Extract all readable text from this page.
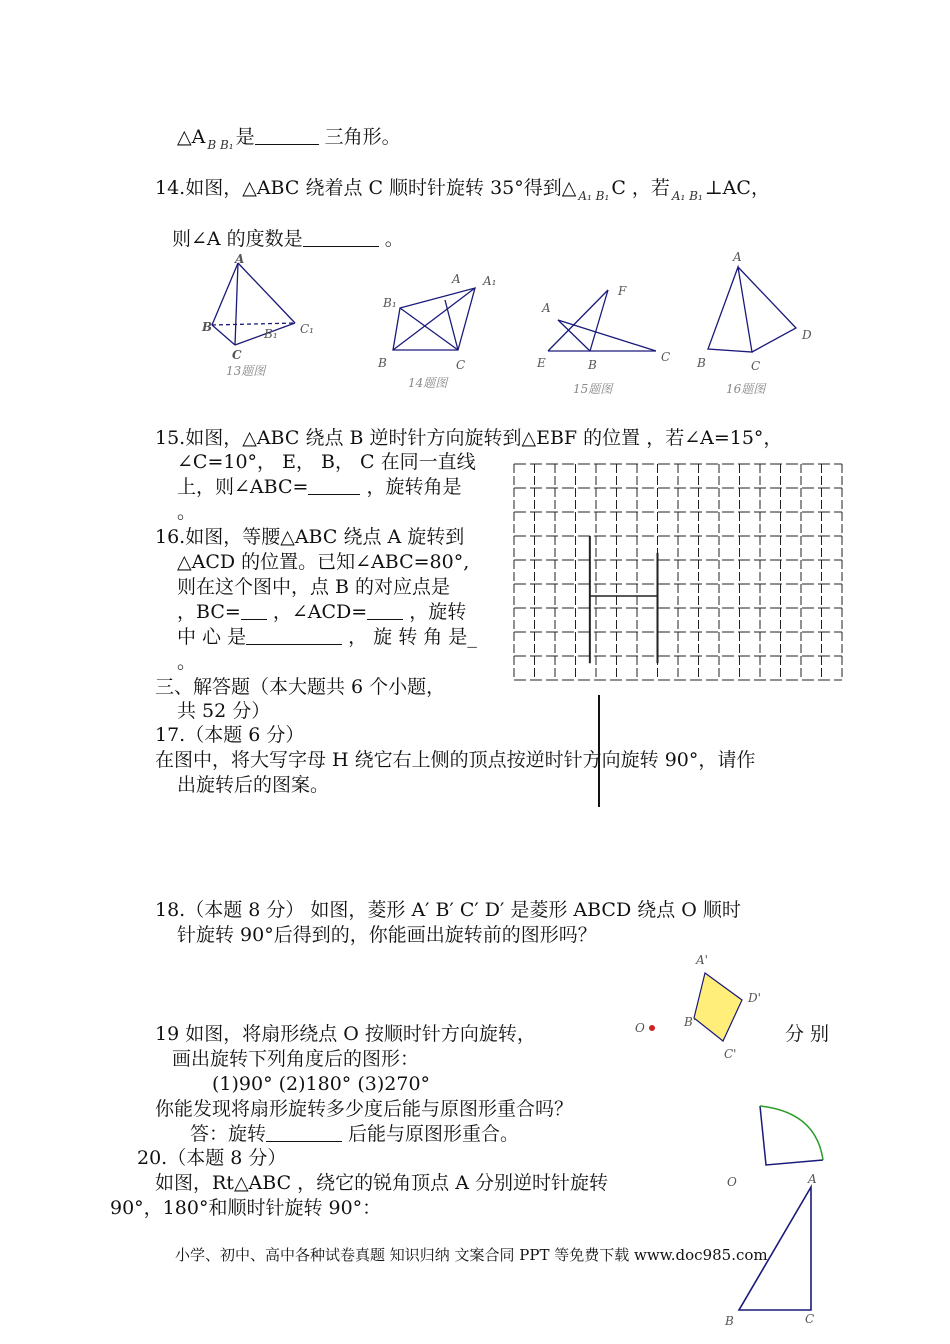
△A $_{B B_1}$ 是	三角形。
14.如图，△ABC 绕着点 C 顺时针旋转 35°得到△ $_{A_1 B_1}$ C ，若 $_{A_1 B_1}$ ⊥AC，
则∠A 的度数是	。
A
B	B₁ C₁
C
13题图
A A₁
B₁
B	C
14题图
A
F
E	B
C
15题图
A
D
B	C
16题图
15.如图，△ABC 绕点 B 逆时针方向旋转到△EBF 的位置 ，若∠A=15°，
∠C=10°， E， B， C 在同一直线
上，则∠ABC=	，旋转角是
。
16.如图，等腰△ABC 绕点 A 旋转到
△ACD 的位置。已知∠ABC=80°,
则在这个图中，点 B 的对应点是
，BC= ，∠ACD= ，旋转
中 心 是	， 旋 转 角 是_
。
三、解答题（本大题共 6 个小题，
共 52 分）
17.（本题 6 分）
在图中，将大写字母 H 绕它右上侧的顶点按逆时针方向旋转 90°，请作
出旋转后的图案。
18.（本题 8 分） 如图，菱形 A′ B′ C′ D′ 是菱形 ABCD 绕点 O 顺时
针旋转 90°后得到的，你能画出旋转前的图形吗？
A'
D'
B'
C'
O
19 如图，将扇形绕点 O 按顺时针方向旋转，	分 别
画出旋转下列角度后的图形：
(1)90° (2)180° (3)270°
你能发现将扇形旋转多少度后能与原图形重合吗？
答：旋转	后能与原图形重合。
20.（本题 8 分）
如图，Rt△ABC ，绕它的锐角顶点 A 分别逆时针旋转
90°，180°和顺时针旋转 90°：
O	A
B	C
小学、初中、高中各种试卷真题 知识归纳 文案合同 PPT 等免费下载 www.doc985.com
